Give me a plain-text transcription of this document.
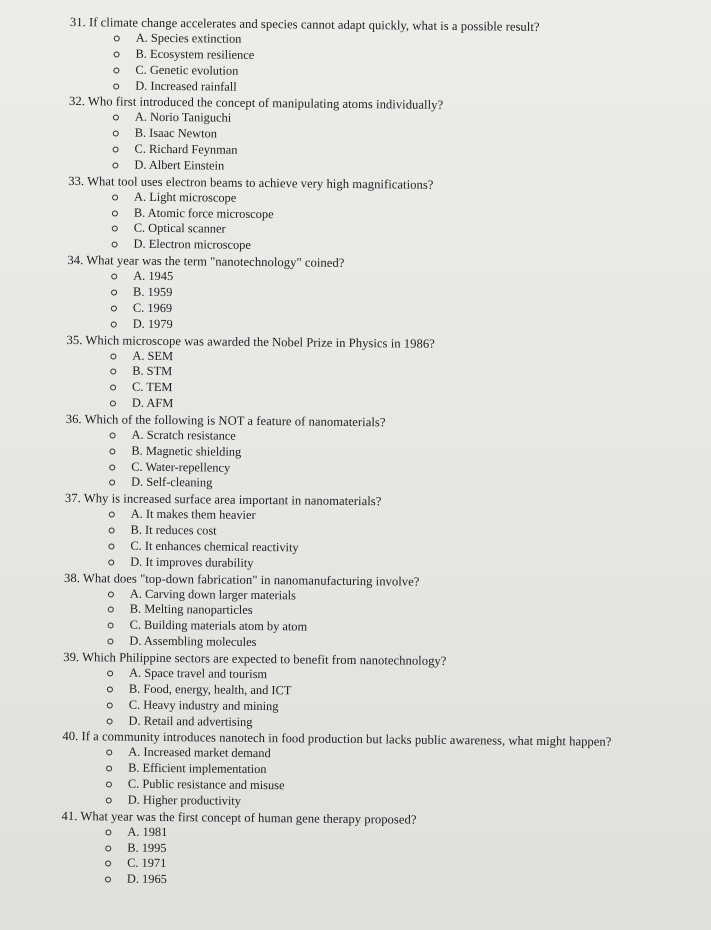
31. If climate change accelerates and species cannot adapt quickly, what is a possible result?
A. Species extinction
B. Ecosystem resilience
C. Genetic evolution
D. Increased rainfall
32. Who first introduced the concept of manipulating atoms individually?
A. Norio Taniguchi
B. Isaac Newton
C. Richard Feynman
D. Albert Einstein
33. What tool uses electron beams to achieve very high magnifications?
A. Light microscope
B. Atomic force microscope
C. Optical scanner
D. Electron microscope
34. What year was the term "nanotechnology" coined?
A. 1945
B. 1959
C. 1969
D. 1979
35. Which microscope was awarded the Nobel Prize in Physics in 1986?
A. SEM
B. STM
C. TEM
D. AFM
36. Which of the following is NOT a feature of nanomaterials?
A. Scratch resistance
B. Magnetic shielding
C. Water-repellency
D. Self-cleaning
37. Why is increased surface area important in nanomaterials?
A. It makes them heavier
B. It reduces cost
C. It enhances chemical reactivity
D. It improves durability
38. What does "top-down fabrication" in nanomanufacturing involve?
A. Carving down larger materials
B. Melting nanoparticles
C. Building materials atom by atom
D. Assembling molecules
39. Which Philippine sectors are expected to benefit from nanotechnology?
A. Space travel and tourism
B. Food, energy, health, and ICT
C. Heavy industry and mining
D. Retail and advertising
40. If a community introduces nanotech in food production but lacks public awareness, what might happen?
A. Increased market demand
B. Efficient implementation
C. Public resistance and misuse
D. Higher productivity
41. What year was the first concept of human gene therapy proposed?
A. 1981
B. 1995
C. 1971
D. 1965
